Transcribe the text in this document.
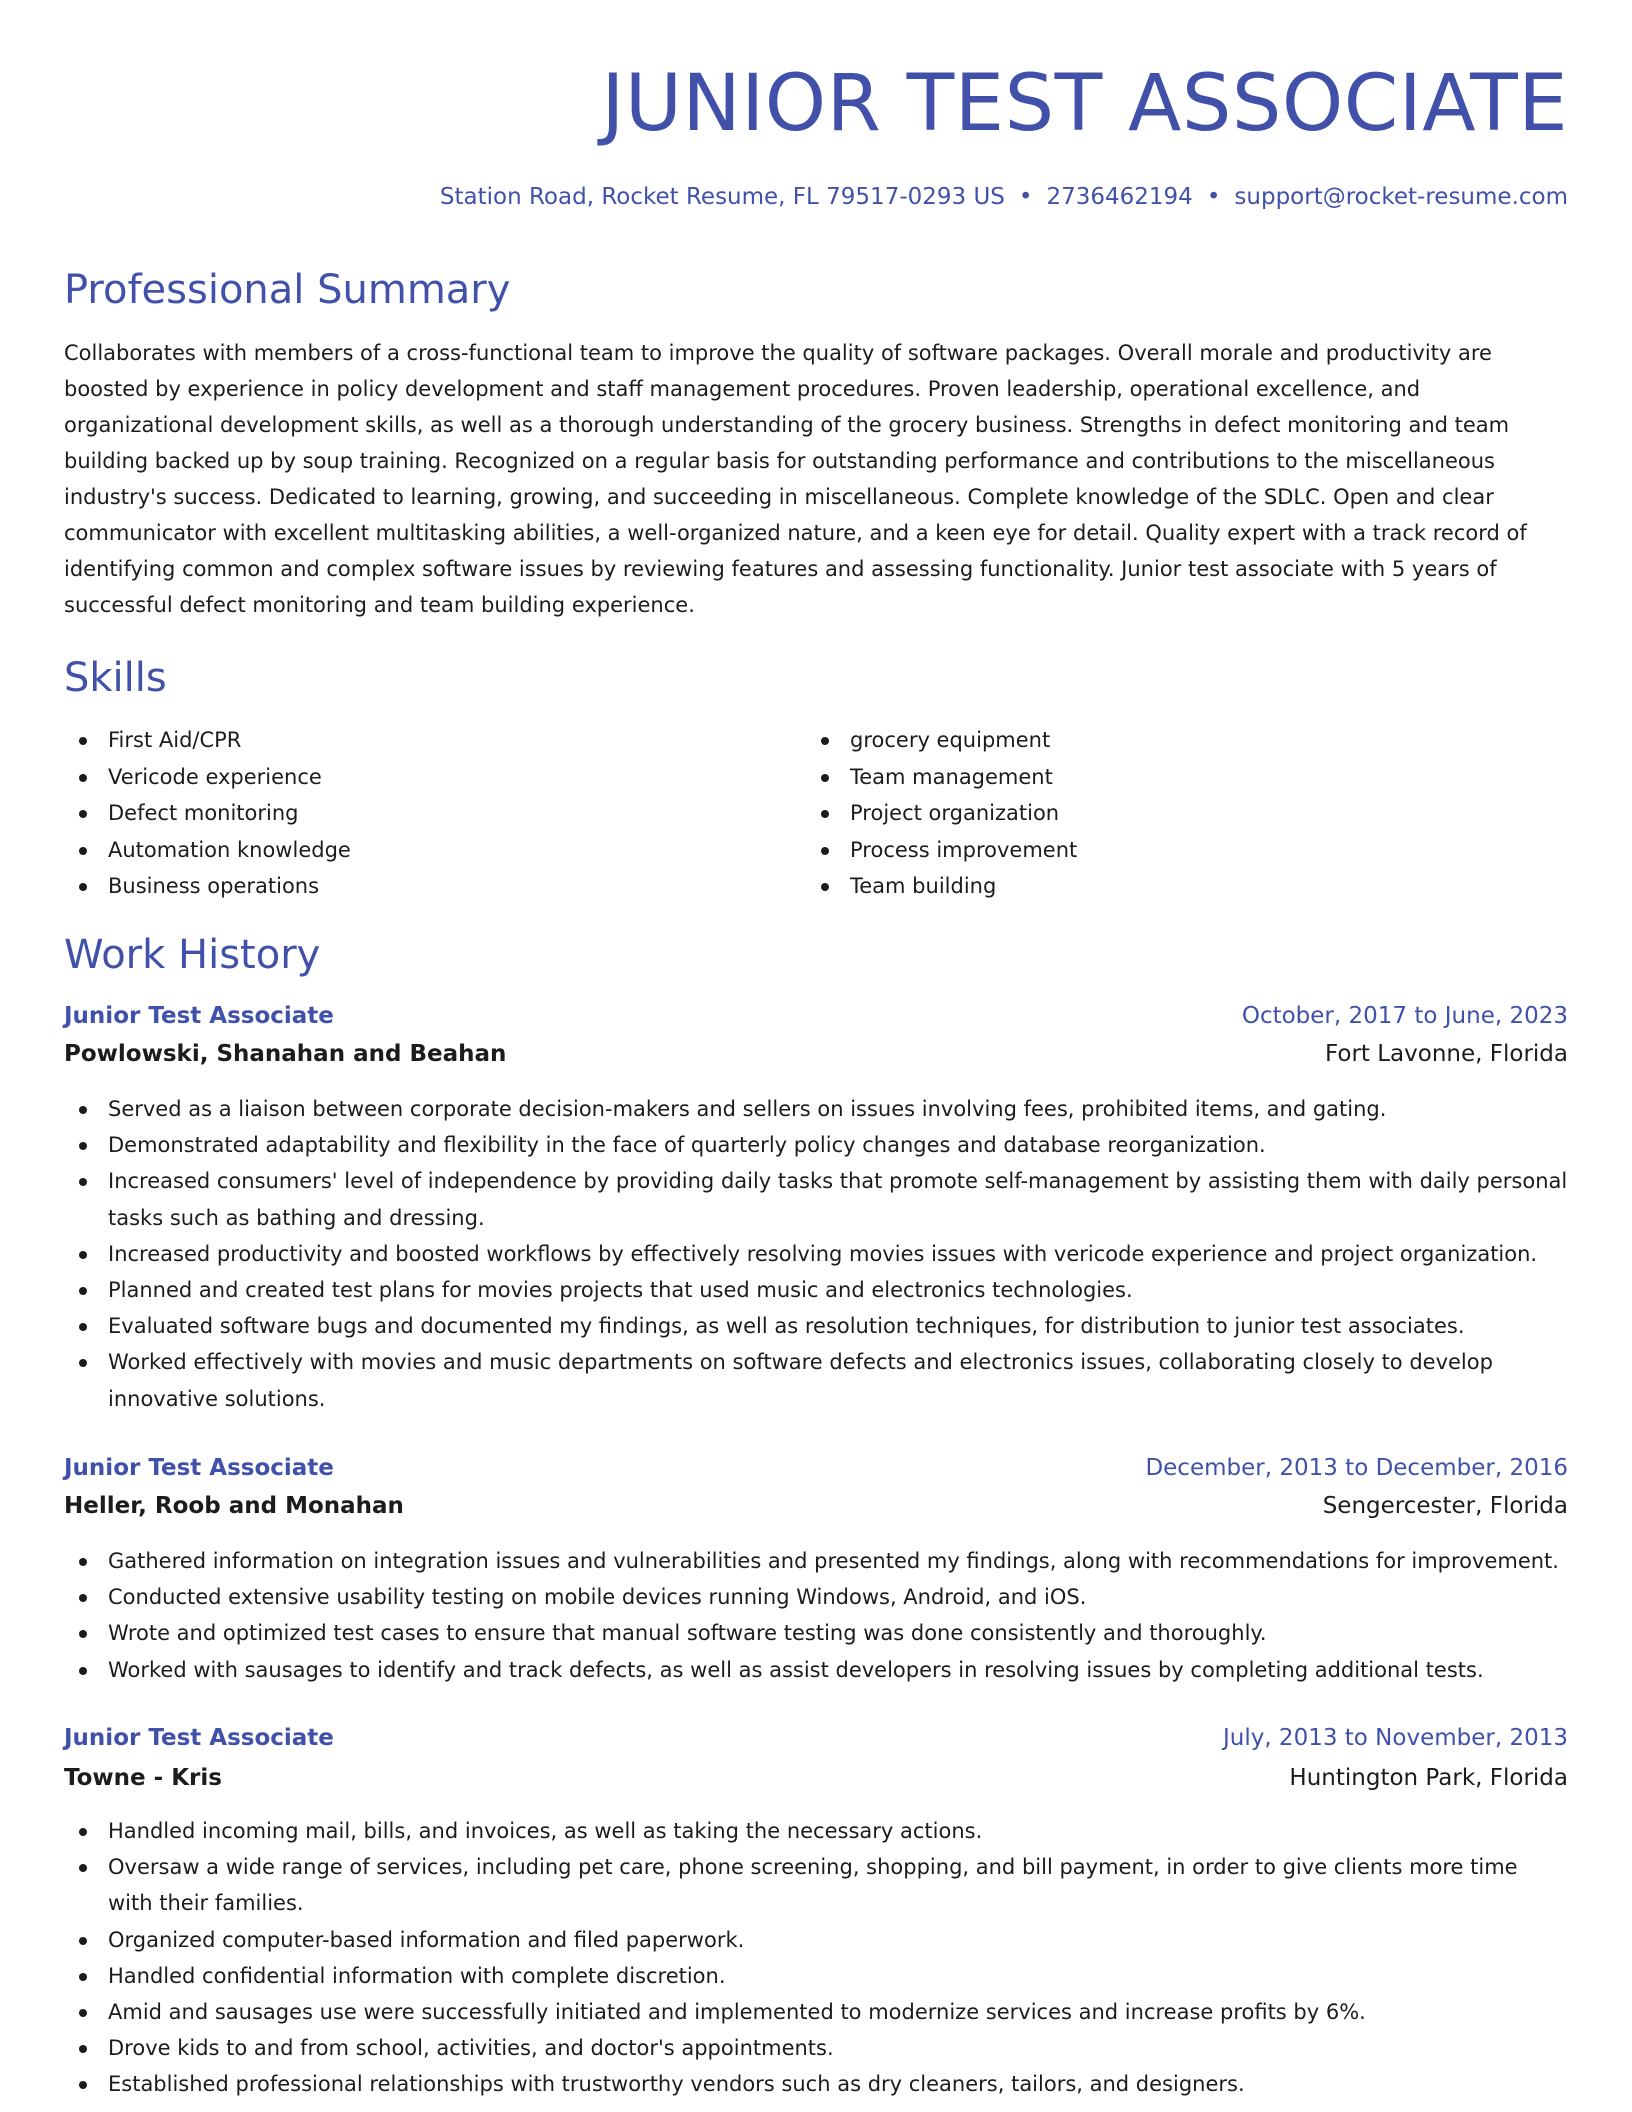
JUNIOR TEST ASSOCIATE
Station Road, Rocket Resume, FL 79517-0293 US • 2736462194 • support@rocket-resume.com
Professional Summary

Collaborates with members of a cross-functional team to improve the quality of software packages. Overall morale and productivity are boosted by experience in policy development and staff management procedures. Proven leadership, operational excellence, and organizational development skills, as well as a thorough understanding of the grocery business. Strengths in defect monitoring and team building backed up by soup training. Recognized on a regular basis for outstanding performance and contributions to the miscellaneous industry's success. Dedicated to learning, growing, and succeeding in miscellaneous. Complete knowledge of the SDLC. Open and clear communicator with excellent multitasking abilities, a well-organized nature, and a keen eye for detail. Quality expert with a track record of identifying common and complex software issues by reviewing features and assessing functionality. Junior test associate with 5 years of successful defect monitoring and team building experience.

Skills
First Aid/CPR
Vericode experience
Defect monitoring
Automation knowledge
Business operations
grocery equipment
Team management
Project organization
Process improvement
Team building
Work History
Junior Test Associate	October, 2017 to June, 2023
Powlowski, Shanahan and Beahan	Fort Lavonne, Florida
Served as a liaison between corporate decision-makers and sellers on issues involving fees, prohibited items, and gating.
Demonstrated adaptability and flexibility in the face of quarterly policy changes and database reorganization.
Increased consumers' level of independence by providing daily tasks that promote self-management by assisting them with daily personal tasks such as bathing and dressing.
Increased productivity and boosted workflows by effectively resolving movies issues with vericode experience and project organization.
Planned and created test plans for movies projects that used music and electronics technologies.
Evaluated software bugs and documented my findings, as well as resolution techniques, for distribution to junior test associates.
Worked effectively with movies and music departments on software defects and electronics issues, collaborating closely to develop innovative solutions.
Junior Test Associate	December, 2013 to December, 2016
Heller, Roob and Monahan	Sengercester, Florida
Gathered information on integration issues and vulnerabilities and presented my findings, along with recommendations for improvement.
Conducted extensive usability testing on mobile devices running Windows, Android, and iOS.
Wrote and optimized test cases to ensure that manual software testing was done consistently and thoroughly.
Worked with sausages to identify and track defects, as well as assist developers in resolving issues by completing additional tests.
Junior Test Associate	July, 2013 to November, 2013
Towne - Kris	Huntington Park, Florida
Handled incoming mail, bills, and invoices, as well as taking the necessary actions.
Oversaw a wide range of services, including pet care, phone screening, shopping, and bill payment, in order to give clients more time with their families.
Organized computer-based information and filed paperwork.
Handled confidential information with complete discretion.
Amid and sausages use were successfully initiated and implemented to modernize services and increase profits by 6%.
Drove kids to and from school, activities, and doctor's appointments.
Established professional relationships with trustworthy vendors such as dry cleaners, tailors, and designers.
